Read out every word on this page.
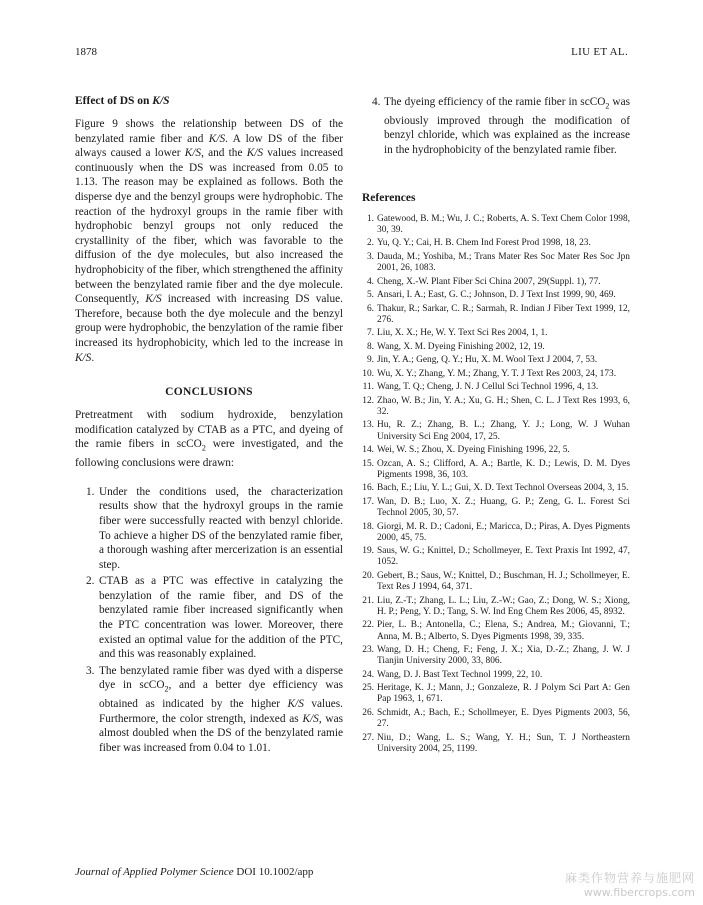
1878	LIU ET AL.
Effect of DS on K/S

Figure 9 shows the relationship between DS of the benzylated ramie fiber and K/S. A low DS of the fiber always caused a lower K/S, and the K/S values increased continuously when the DS was increased from 0.05 to 1.13. The reason may be explained as follows. Both the disperse dye and the benzyl groups were hydrophobic. The reaction of the hydroxyl groups in the ramie fiber with hydrophobic benzyl groups not only reduced the crystallinity of the fiber, which was favorable to the diffusion of the dye molecules, but also increased the hydrophobicity of the fiber, which strengthened the affinity between the benzylated ramie fiber and the dye molecule. Consequently, K/S increased with increasing DS value. Therefore, because both the dye molecule and the benzyl group were hydrophobic, the benzylation of the ramie fiber increased its hydrophobicity, which led to the increase in K/S.

CONCLUSIONS

Pretreatment with sodium hydroxide, benzylation modification catalyzed by CTAB as a PTC, and dyeing of the ramie fibers in scCO$_2$ were investigated, and the following conclusions were drawn:

1. Under the conditions used, the characterization results show that the hydroxyl groups in the ramie fiber were successfully reacted with benzyl chloride. To achieve a higher DS of the benzylated ramie fiber, a thorough washing after mercerization is an essential step.
2. CTAB as a PTC was effective in catalyzing the benzylation of the ramie fiber, and DS of the benzylated ramie fiber increased significantly when the PTC concentration was lower. Moreover, there existed an optimal value for the addition of the PTC, and this was reasonably explained.
3. The benzylated ramie fiber was dyed with a disperse dye in scCO$_2$, and a better dye efficiency was obtained as indicated by the higher K/S values. Furthermore, the color strength, indexed as K/S, was almost doubled when the DS of the benzylated ramie fiber was increased from 0.04 to 1.01.

4. The dyeing efficiency of the ramie fiber in scCO$_2$ was obviously improved through the modification of benzyl chloride, which was explained as the increase in the hydrophobicity of the benzylated ramie fiber.

References
1. Gatewood, B. M.; Wu, J. C.; Roberts, A. S. Text Chem Color 1998, 30, 39.
2. Yu, Q. Y.; Cai, H. B. Chem Ind Forest Prod 1998, 18, 23.
3. Dauda, M.; Yoshiba, M.; Trans Mater Res Soc Mater Res Soc Jpn 2001, 26, 1083.
4. Cheng, X.-W. Plant Fiber Sci China 2007, 29(Suppl. 1), 77.
5. Ansari, I. A.; East, G. C.; Johnson, D. J Text Inst 1999, 90, 469.
6. Thakur, R.; Sarkar, C. R.; Sarmah, R. Indian J Fiber Text 1999, 12, 276.
7. Liu, X. X.; He, W. Y. Text Sci Res 2004, 1, 1.
8. Wang, X. M. Dyeing Finishing 2002, 12, 19.
9. Jin, Y. A.; Geng, Q. Y.; Hu, X. M. Wool Text J 2004, 7, 53.
10. Wu, X. Y.; Zhang, Y. M.; Zhang, Y. T. J Text Res 2003, 24, 173.
11. Wang, T. Q.; Cheng, J. N. J Cellul Sci Technol 1996, 4, 13.
12. Zhao, W. B.; Jin, Y. A.; Xu, G. H.; Shen, C. L. J Text Res 1993, 6, 32.
13. Hu, R. Z.; Zhang, B. L.; Zhang, Y. J.; Long, W. J Wuhan University Sci Eng 2004, 17, 25.
14. Wei, W. S.; Zhou, X. Dyeing Finishing 1996, 22, 5.
15. Ozcan, A. S.; Clifford, A. A.; Bartle, K. D.; Lewis, D. M. Dyes Pigments 1998, 36, 103.
16. Bach, E.; Liu, Y. L.; Gui, X. D. Text Technol Overseas 2004, 3, 15.
17. Wan, D. B.; Luo, X. Z.; Huang, G. P.; Zeng, G. L. Forest Sci Technol 2005, 30, 57.
18. Giorgi, M. R. D.; Cadoni, E.; Maricca, D.; Piras, A. Dyes Pigments 2000, 45, 75.
19. Saus, W. G.; Knittel, D.; Schollmeyer, E. Text Praxis Int 1992, 47, 1052.
20. Gebert, B.; Saus, W.; Knittel, D.; Buschman, H. J.; Schollmeyer, E. Text Res J 1994, 64, 371.
21. Liu, Z.-T.; Zhang, L. L.; Liu, Z.-W.; Gao, Z.; Dong, W. S.; Xiong, H. P.; Peng, Y. D.; Tang, S. W. Ind Eng Chem Res 2006, 45, 8932.
22. Pier, L. B.; Antonella, C.; Elena, S.; Andrea, M.; Giovanni, T.; Anna, M. B.; Alberto, S. Dyes Pigments 1998, 39, 335.
23. Wang, D. H.; Cheng, F.; Feng, J. X.; Xia, D.-Z.; Zhang, J. W. J Tianjin University 2000, 33, 806.
24. Wang, D. J. Bast Text Technol 1999, 22, 10.
25. Heritage, K. J.; Mann, J.; Gonzaleze, R. J Polym Sci Part A: Gen Pap 1963, 1, 671.
26. Schmidt, A.; Bach, E.; Schollmeyer, E. Dyes Pigments 2003, 56, 27.
27. Niu, D.; Wang, L. S.; Wang, Y. H.; Sun, T. J Northeastern University 2004, 25, 1199.
Journal of Applied Polymer Science DOI 10.1002/app	麻类作物营养与施肥网
www.fibercrops.com
